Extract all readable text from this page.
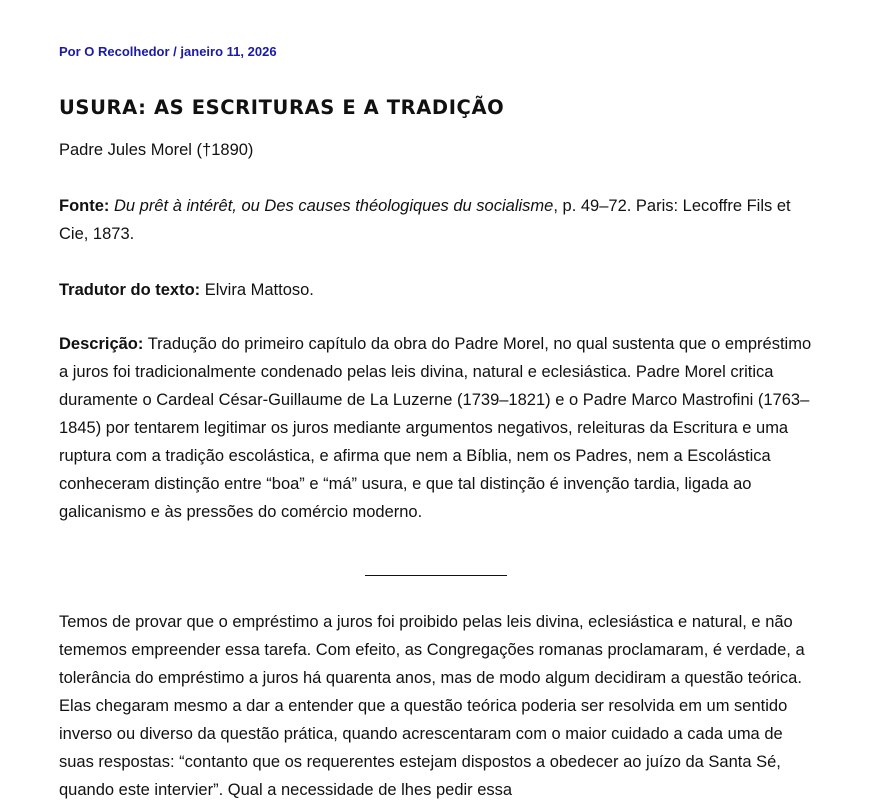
Por O Recolhedor / janeiro 11, 2026
USURA: AS ESCRITURAS E A TRADIÇÃO

Padre Jules Morel (†1890)

Fonte: Du prêt à intérêt, ou Des causes théologiques du socialisme, p. 49–72. Paris: Lecoffre Fils et Cie, 1873.

Tradutor do texto: Elvira Mattoso.

Descrição: Tradução do primeiro capítulo da obra do Padre Morel, no qual sustenta que o empréstimo a juros foi tradicionalmente condenado pelas leis divina, natural e eclesiástica. Padre Morel critica duramente o Cardeal César-Guillaume de La Luzerne (1739–1821) e o Padre Marco Mastrofini (1763–1845) por tentarem legitimar os juros mediante argumentos negativos, releituras da Escritura e uma ruptura com a tradição escolástica, e afirma que nem a Bíblia, nem os Padres, nem a Escolástica conheceram distinção entre “boa” e “má” usura, e que tal distinção é invenção tardia, ligada ao galicanismo e às pressões do comércio moderno.

Temos de provar que o empréstimo a juros foi proibido pelas leis divina, eclesiástica e natural, e não tememos empreender essa tarefa. Com efeito, as Congregações romanas proclamaram, é verdade, a tolerância do empréstimo a juros há quarenta anos, mas de modo algum decidiram a questão teórica. Elas chegaram mesmo a dar a entender que a questão teórica poderia ser resolvida em um sentido inverso ou diverso da questão prática, quando acrescentaram com o maior cuidado a cada uma de suas respostas: “contanto que os requerentes estejam dispostos a obedecer ao juízo da Santa Sé, quando este intervier”. Qual a necessidade de lhes pedir essa
